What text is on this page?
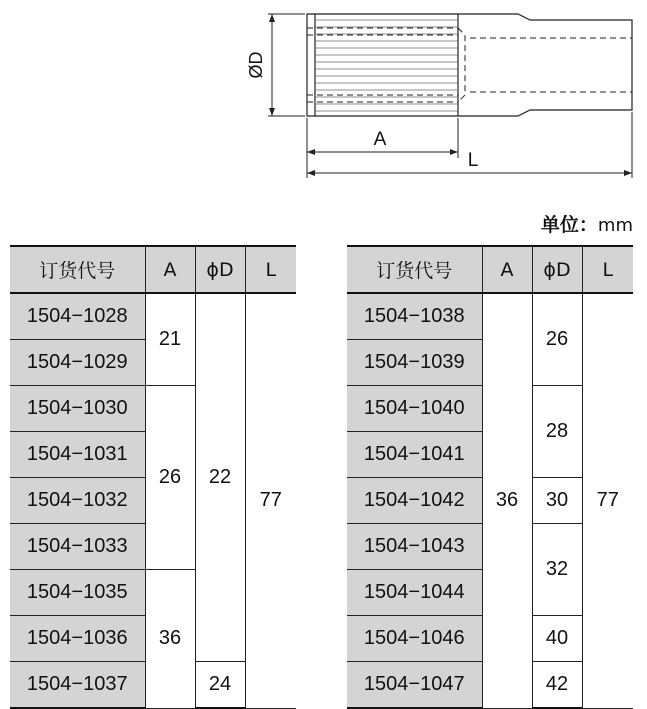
ØD
A
L
单位：mm
订货代号	A	ϕD	L
1504−1028	21	22	77
1504−1029			
1504−1030	26		
1504−1031			
1504−1032			
1504−1033			
1504−1035	36		
1504−1036			
1504−1037		24	
订货代号	A	ϕD	L
1504−1038	36	26	77
1504−1039			
1504−1040		28	
1504−1041			
1504−1042		30	
1504−1043		32	
1504−1044			
1504−1046		40	
1504−1047		42	
